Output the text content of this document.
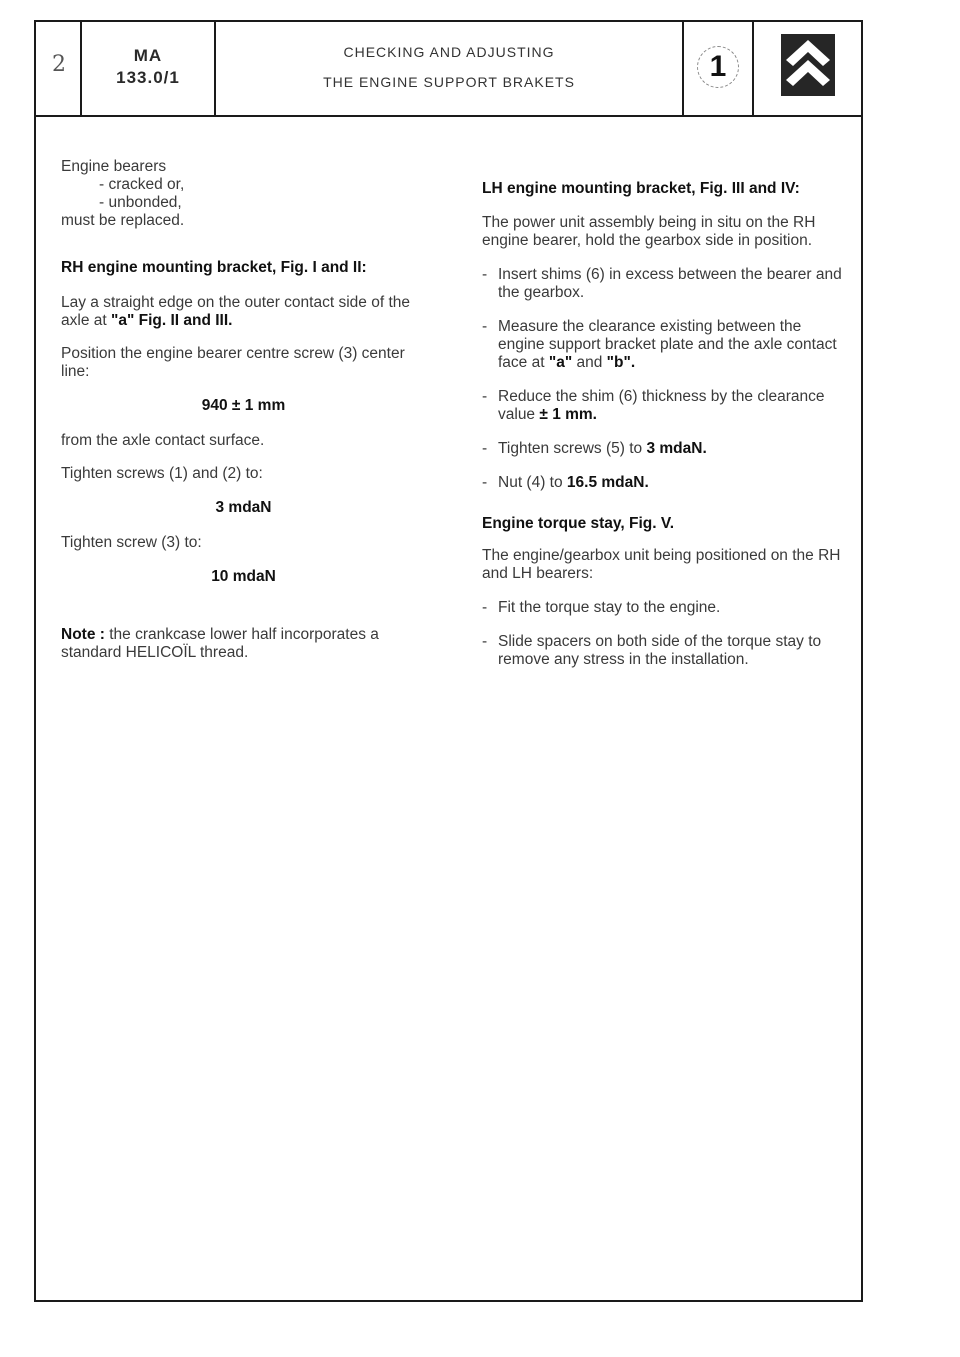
2	MA
133.0/1
CHECKING AND ADJUSTING
THE ENGINE SUPPORT BRAKETS	1

Engine bearers

- cracked or,

- unbonded,

must be replaced.

RH engine mounting bracket, Fig. I and II:

Lay a straight edge on the outer contact side of the axle at "a" Fig. II and III.

Position the engine bearer centre screw (3) center line:

940 ± 1 mm

from the axle contact surface.

Tighten screws (1) and (2) to:

3 mdaN

Tighten screw (3) to:

10 mdaN

Note : the crankcase lower half incorporates a standard HELICOÏL thread.

LH engine mounting bracket, Fig. III and IV:

The power unit assembly being in situ on the RH engine bearer, hold the gearbox side in position.

- Insert shims (6) in excess between the bearer and the gearbox.
- Measure the clearance existing between the engine support bracket plate and the axle contact face at "a" and "b".
- Reduce the shim (6) thickness by the clearance value ± 1 mm.
- Tighten screws (5) to 3 mdaN.
- Nut (4) to 16.5 mdaN.

Engine torque stay, Fig. V.

The engine/gearbox unit being positioned on the RH and LH bearers:

- Fit the torque stay to the engine.
- Slide spacers on both side of the torque stay to remove any stress in the installation.
